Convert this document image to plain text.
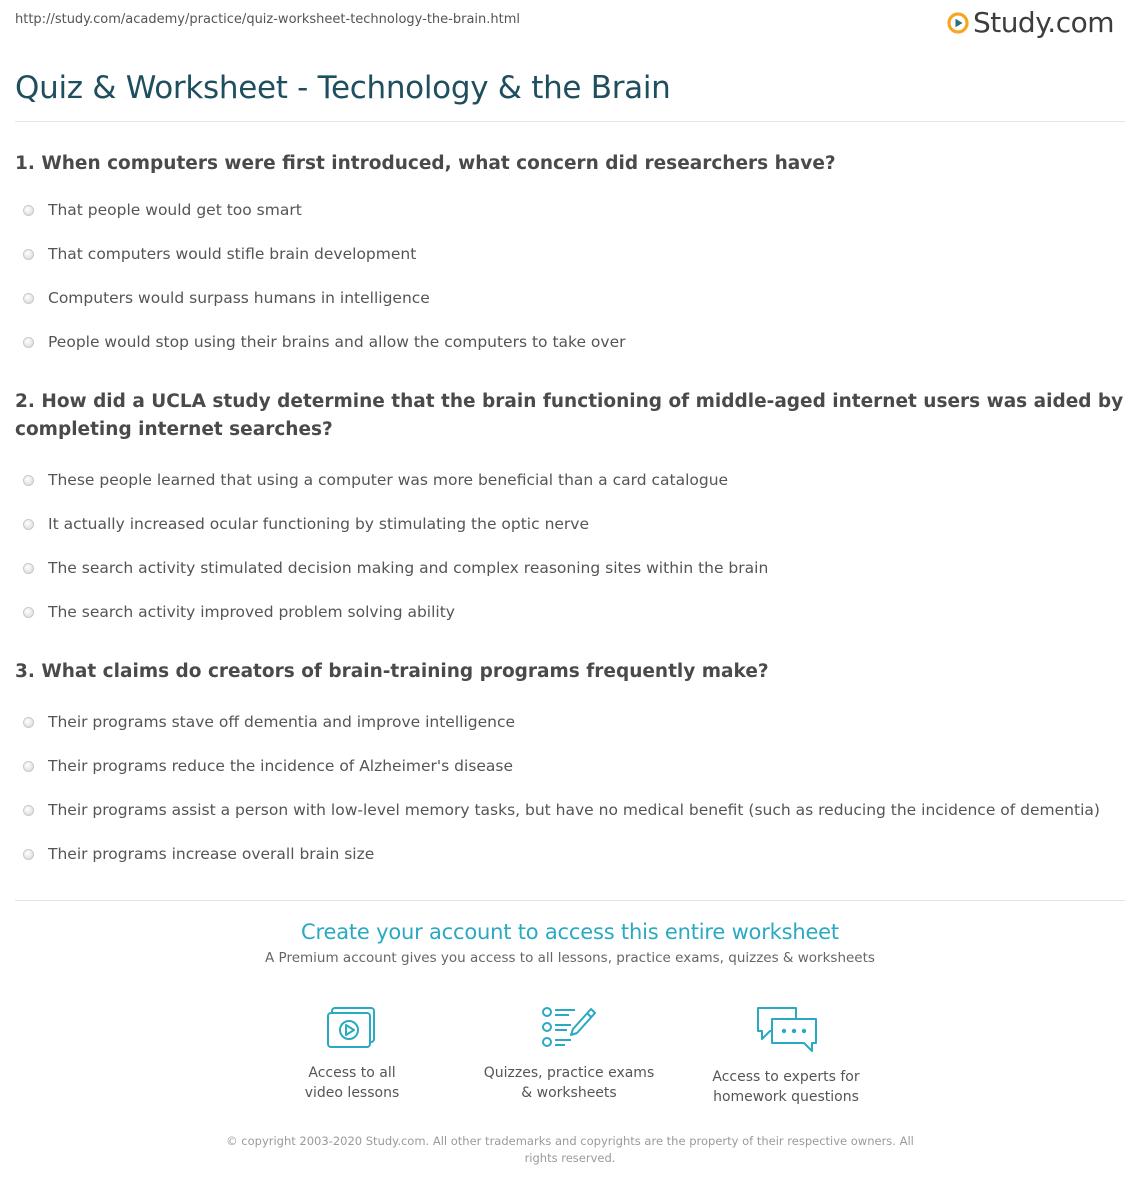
http://study.com/academy/practice/quiz-worksheet-technology-the-brain.html	Study.com
Quiz & Worksheet - Technology & the Brain
1. When computers were first introduced, what concern did researchers have?
That people would get too smart
That computers would stifle brain development
Computers would surpass humans in intelligence
People would stop using their brains and allow the computers to take over
2. How did a UCLA study determine that the brain functioning of middle-aged internet users was aided by completing internet searches?
These people learned that using a computer was more beneficial than a card catalogue
It actually increased ocular functioning by stimulating the optic nerve
The search activity stimulated decision making and complex reasoning sites within the brain
The search activity improved problem solving ability
3. What claims do creators of brain-training programs frequently make?
Their programs stave off dementia and improve intelligence
Their programs reduce the incidence of Alzheimer's disease
Their programs assist a person with low-level memory tasks, but have no medical benefit (such as reducing the incidence of dementia)
Their programs increase overall brain size
Create your account to access this entire worksheet

A Premium account gives you access to all lessons, practice exams, quizzes & worksheets

Access to all
video lessons
Quizzes, practice exams
& worksheets
Access to experts for
homework questions
© copyright 2003-2020 Study.com. All other trademarks and copyrights are the property of their respective owners. All rights reserved.
